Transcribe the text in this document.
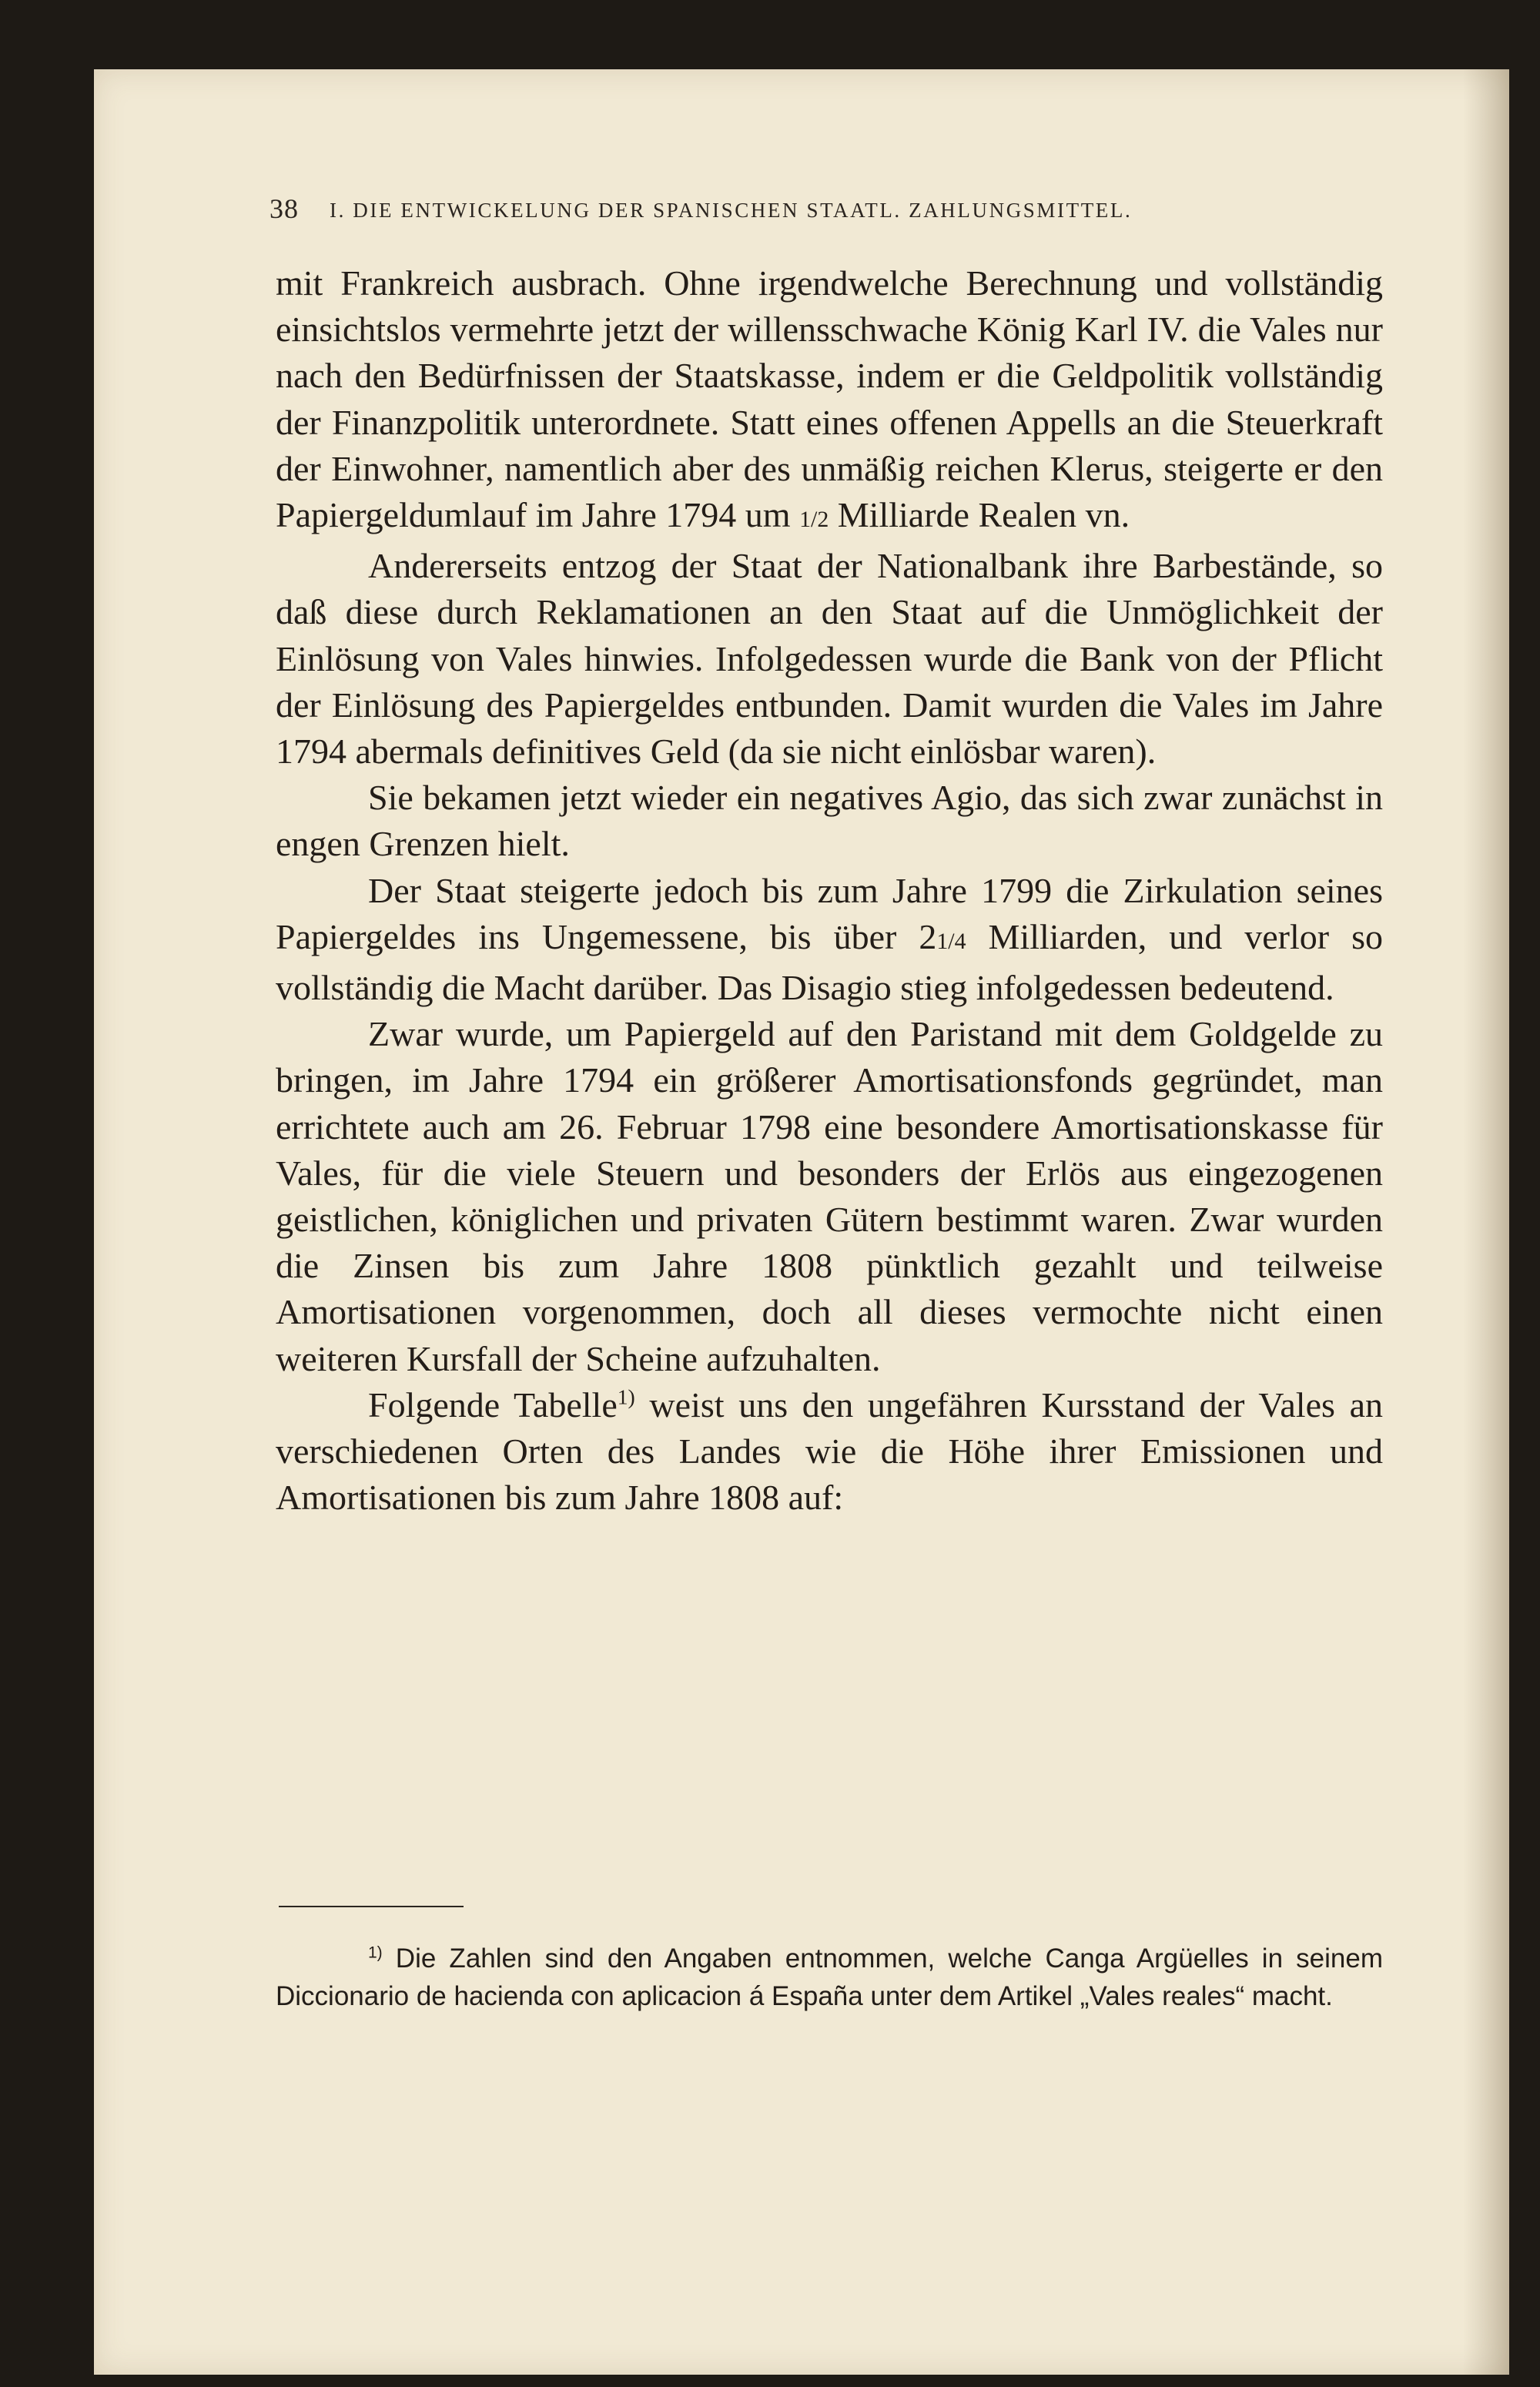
38 I. DIE ENTWICKELUNG DER SPANISCHEN STAATL. ZAHLUNGSMITTEL.

mit Frankreich ausbrach. Ohne irgendwelche Berechnung und vollständig einsichtslos vermehrte jetzt der willensschwache König Karl IV. die Vales nur nach den Bedürfnissen der Staatskasse, indem er die Geldpolitik vollständig der Finanzpolitik unterordnete. Statt eines offenen Appells an die Steuerkraft der Einwohner, namentlich aber des unmäßig reichen Klerus, steigerte er den Papiergeldumlauf im Jahre 1794 um 1/2 Milliarde Realen vn.

Andererseits entzog der Staat der Nationalbank ihre Barbestände, so daß diese durch Reklamationen an den Staat auf die Unmöglichkeit der Einlösung von Vales hinwies. Infolgedessen wurde die Bank von der Pflicht der Einlösung des Papiergeldes entbunden. Damit wurden die Vales im Jahre 1794 abermals definitives Geld (da sie nicht einlösbar waren).

Sie bekamen jetzt wieder ein negatives Agio, das sich zwar zunächst in engen Grenzen hielt.

Der Staat steigerte jedoch bis zum Jahre 1799 die Zirkulation seines Papiergeldes ins Ungemessene, bis über 21/4 Milliarden, und verlor so vollständig die Macht darüber. Das Disagio stieg infolgedessen bedeutend.

Zwar wurde, um Papiergeld auf den Paristand mit dem Goldgelde zu bringen, im Jahre 1794 ein größerer Amortisationsfonds gegründet, man errichtete auch am 26. Februar 1798 eine besondere Amortisationskasse für Vales, für die viele Steuern und besonders der Erlös aus eingezogenen geistlichen, königlichen und privaten Gütern bestimmt waren. Zwar wurden die Zinsen bis zum Jahre 1808 pünktlich gezahlt und teilweise Amortisationen vorgenommen, doch all dieses vermochte nicht einen weiteren Kursfall der Scheine aufzuhalten.

Folgende Tabelle$^{1)}$ weist uns den ungefähren Kursstand der Vales an verschiedenen Orten des Landes wie die Höhe ihrer Emissionen und Amortisationen bis zum Jahre 1808 auf:

$^{1)}$ Die Zahlen sind den Angaben entnommen, welche Canga Argüelles in seinem Diccionario de hacienda con aplicacion á España unter dem Artikel „Vales reales“ macht.
